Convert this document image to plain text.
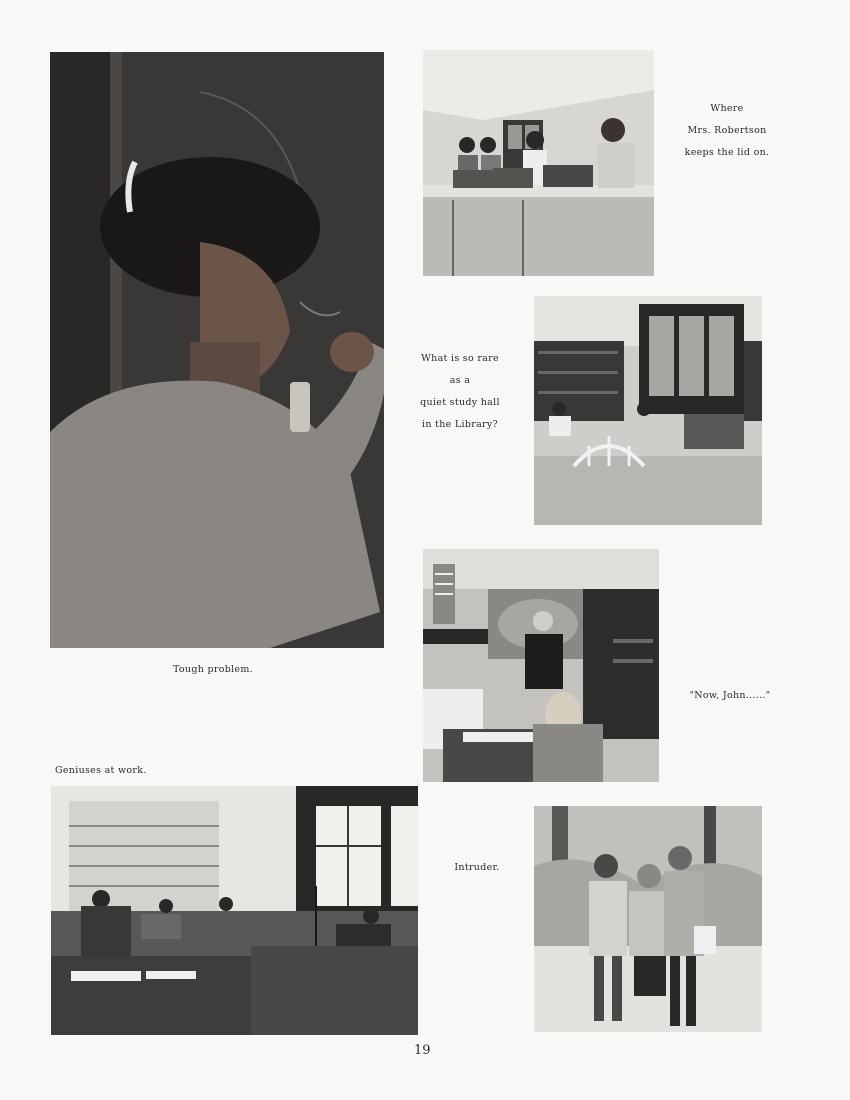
Where
Mrs. Robertson
keeps the lid on.
What is so rare
as a
quiet study hall
in the Library?
"Now, John......"
Tough problem.
Geniuses at work.
Intruder.
19
